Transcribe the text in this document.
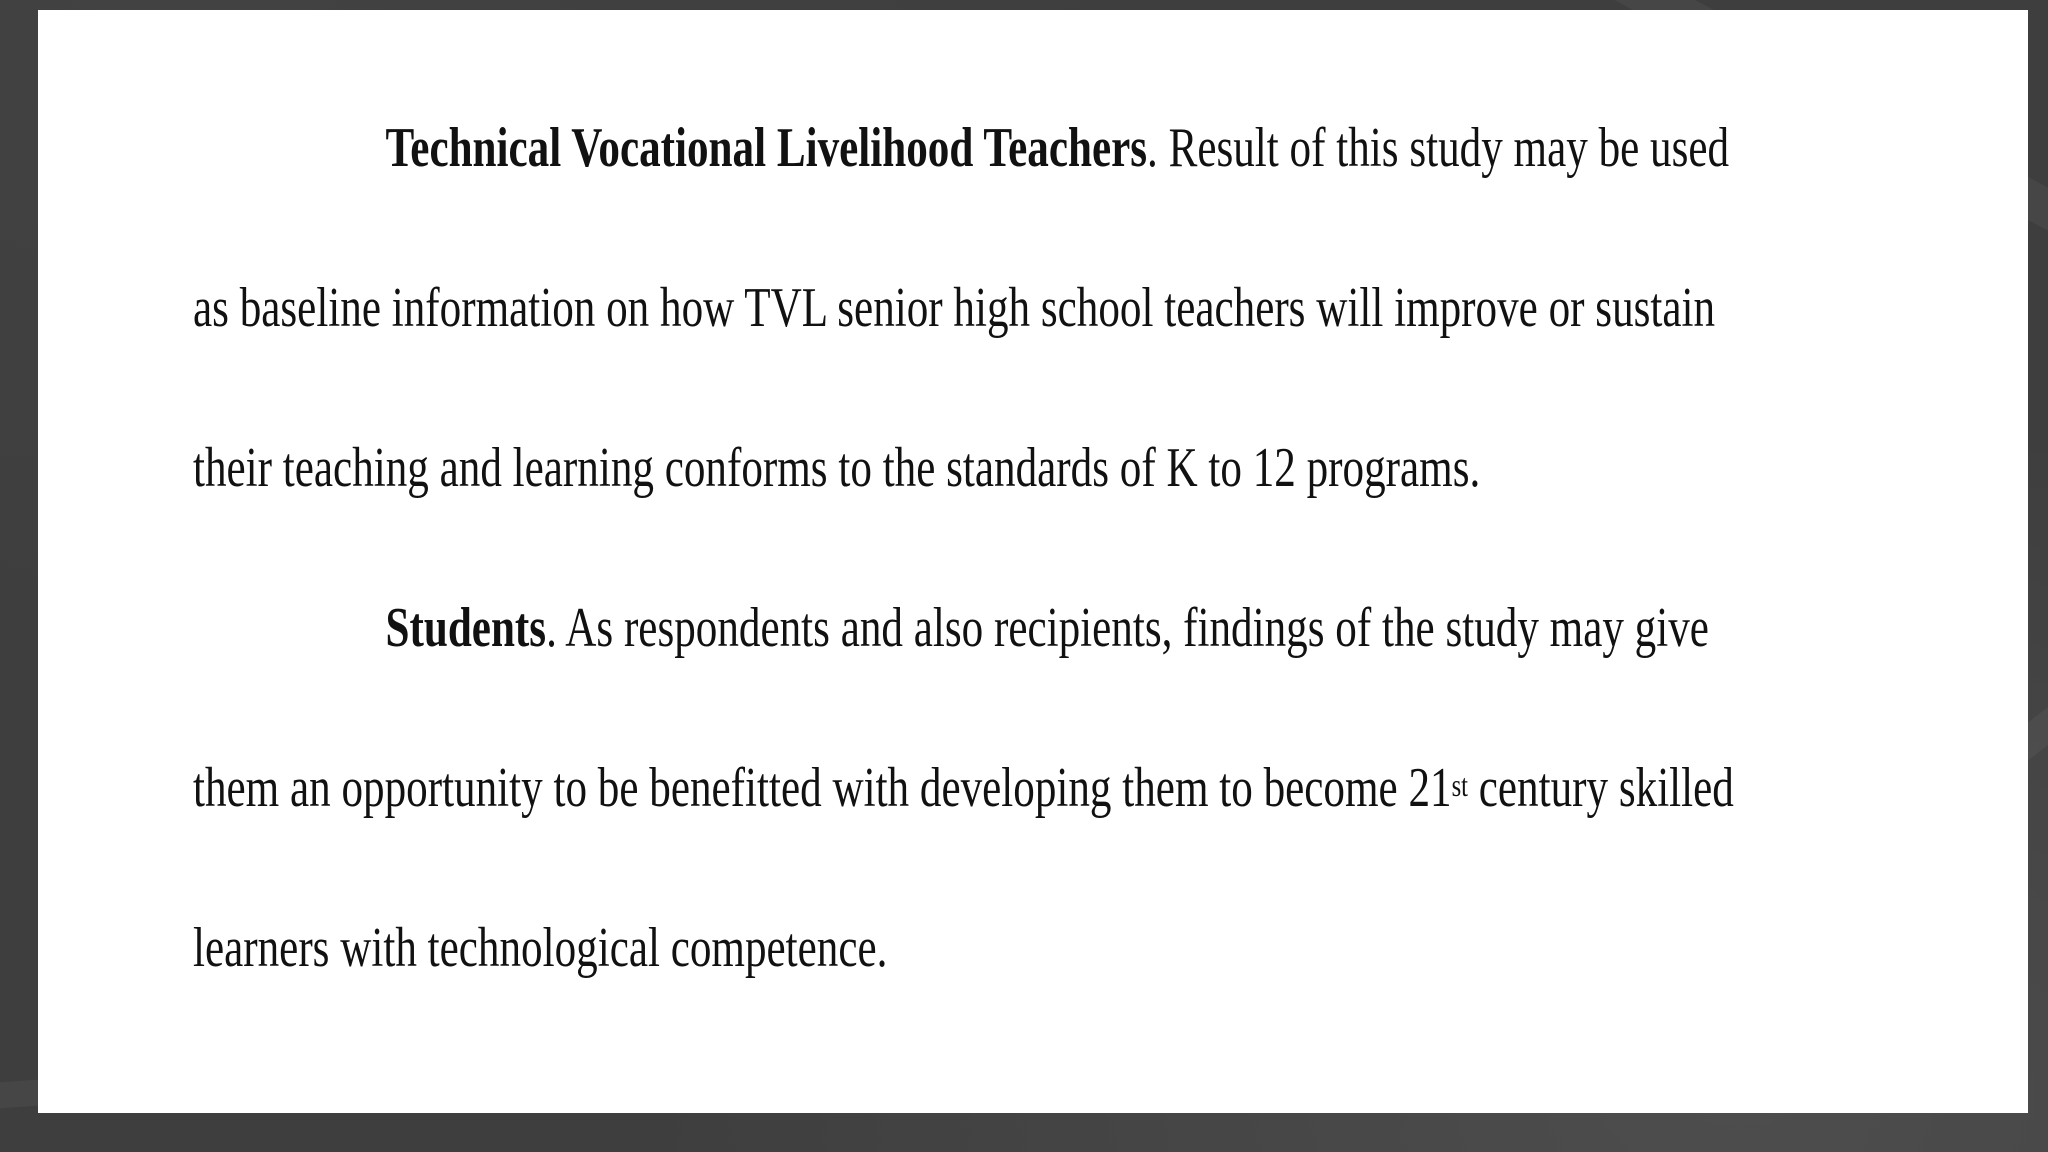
Technical Vocational Livelihood Teachers. Result of this study may be used
as baseline information on how TVL senior high school teachers will improve or sustain
their teaching and learning conforms to the standards of K to 12 programs.
Students. As respondents and also recipients, findings of the study may give
them an opportunity to be benefitted with developing them to become 21st century skilled
learners with technological competence.
